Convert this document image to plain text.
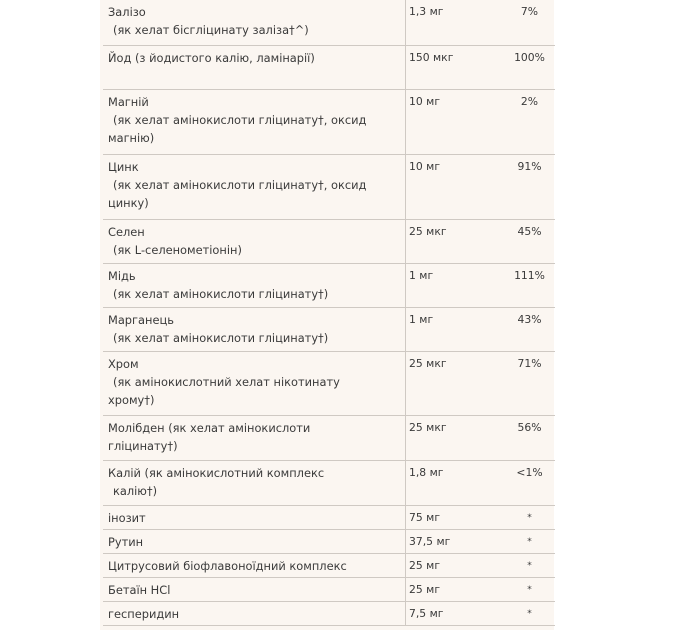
Залізо
(як хелат бісгліцинату заліза†^)	1,3 мг	7%

Йод (з йодистого калію, ламінарії)	150 мкг	100%

Магній
(як хелат амінокислоти гліцинату†, оксид
магнію)	10 мг	2%

Цинк
(як хелат амінокислоти гліцинату†, оксид
цинку)	10 мг	91%

Селен
(як L-селенометіонін)	25 мкг	45%

Мідь
(як хелат амінокислоти гліцинату†)	1 мг	111%

Марганець
(як хелат амінокислоти гліцинату†)	1 мг	43%

Хром
(як амінокислотний хелат нікотинату
хрому†)	25 мкг	71%

Молібден (як хелат амінокислоти
гліцинату†)	25 мкг	56%

Калій (як амінокислотний комплекс
калію†)	1,8 мг	<1%

інозит	75 мг	*

Рутин	37,5 мг	*

Цитрусовий біофлавоноїдний комплекс	25 мг	*

Бетаїн HCl	25 мг	*

гесперидин	7,5 мг	*
